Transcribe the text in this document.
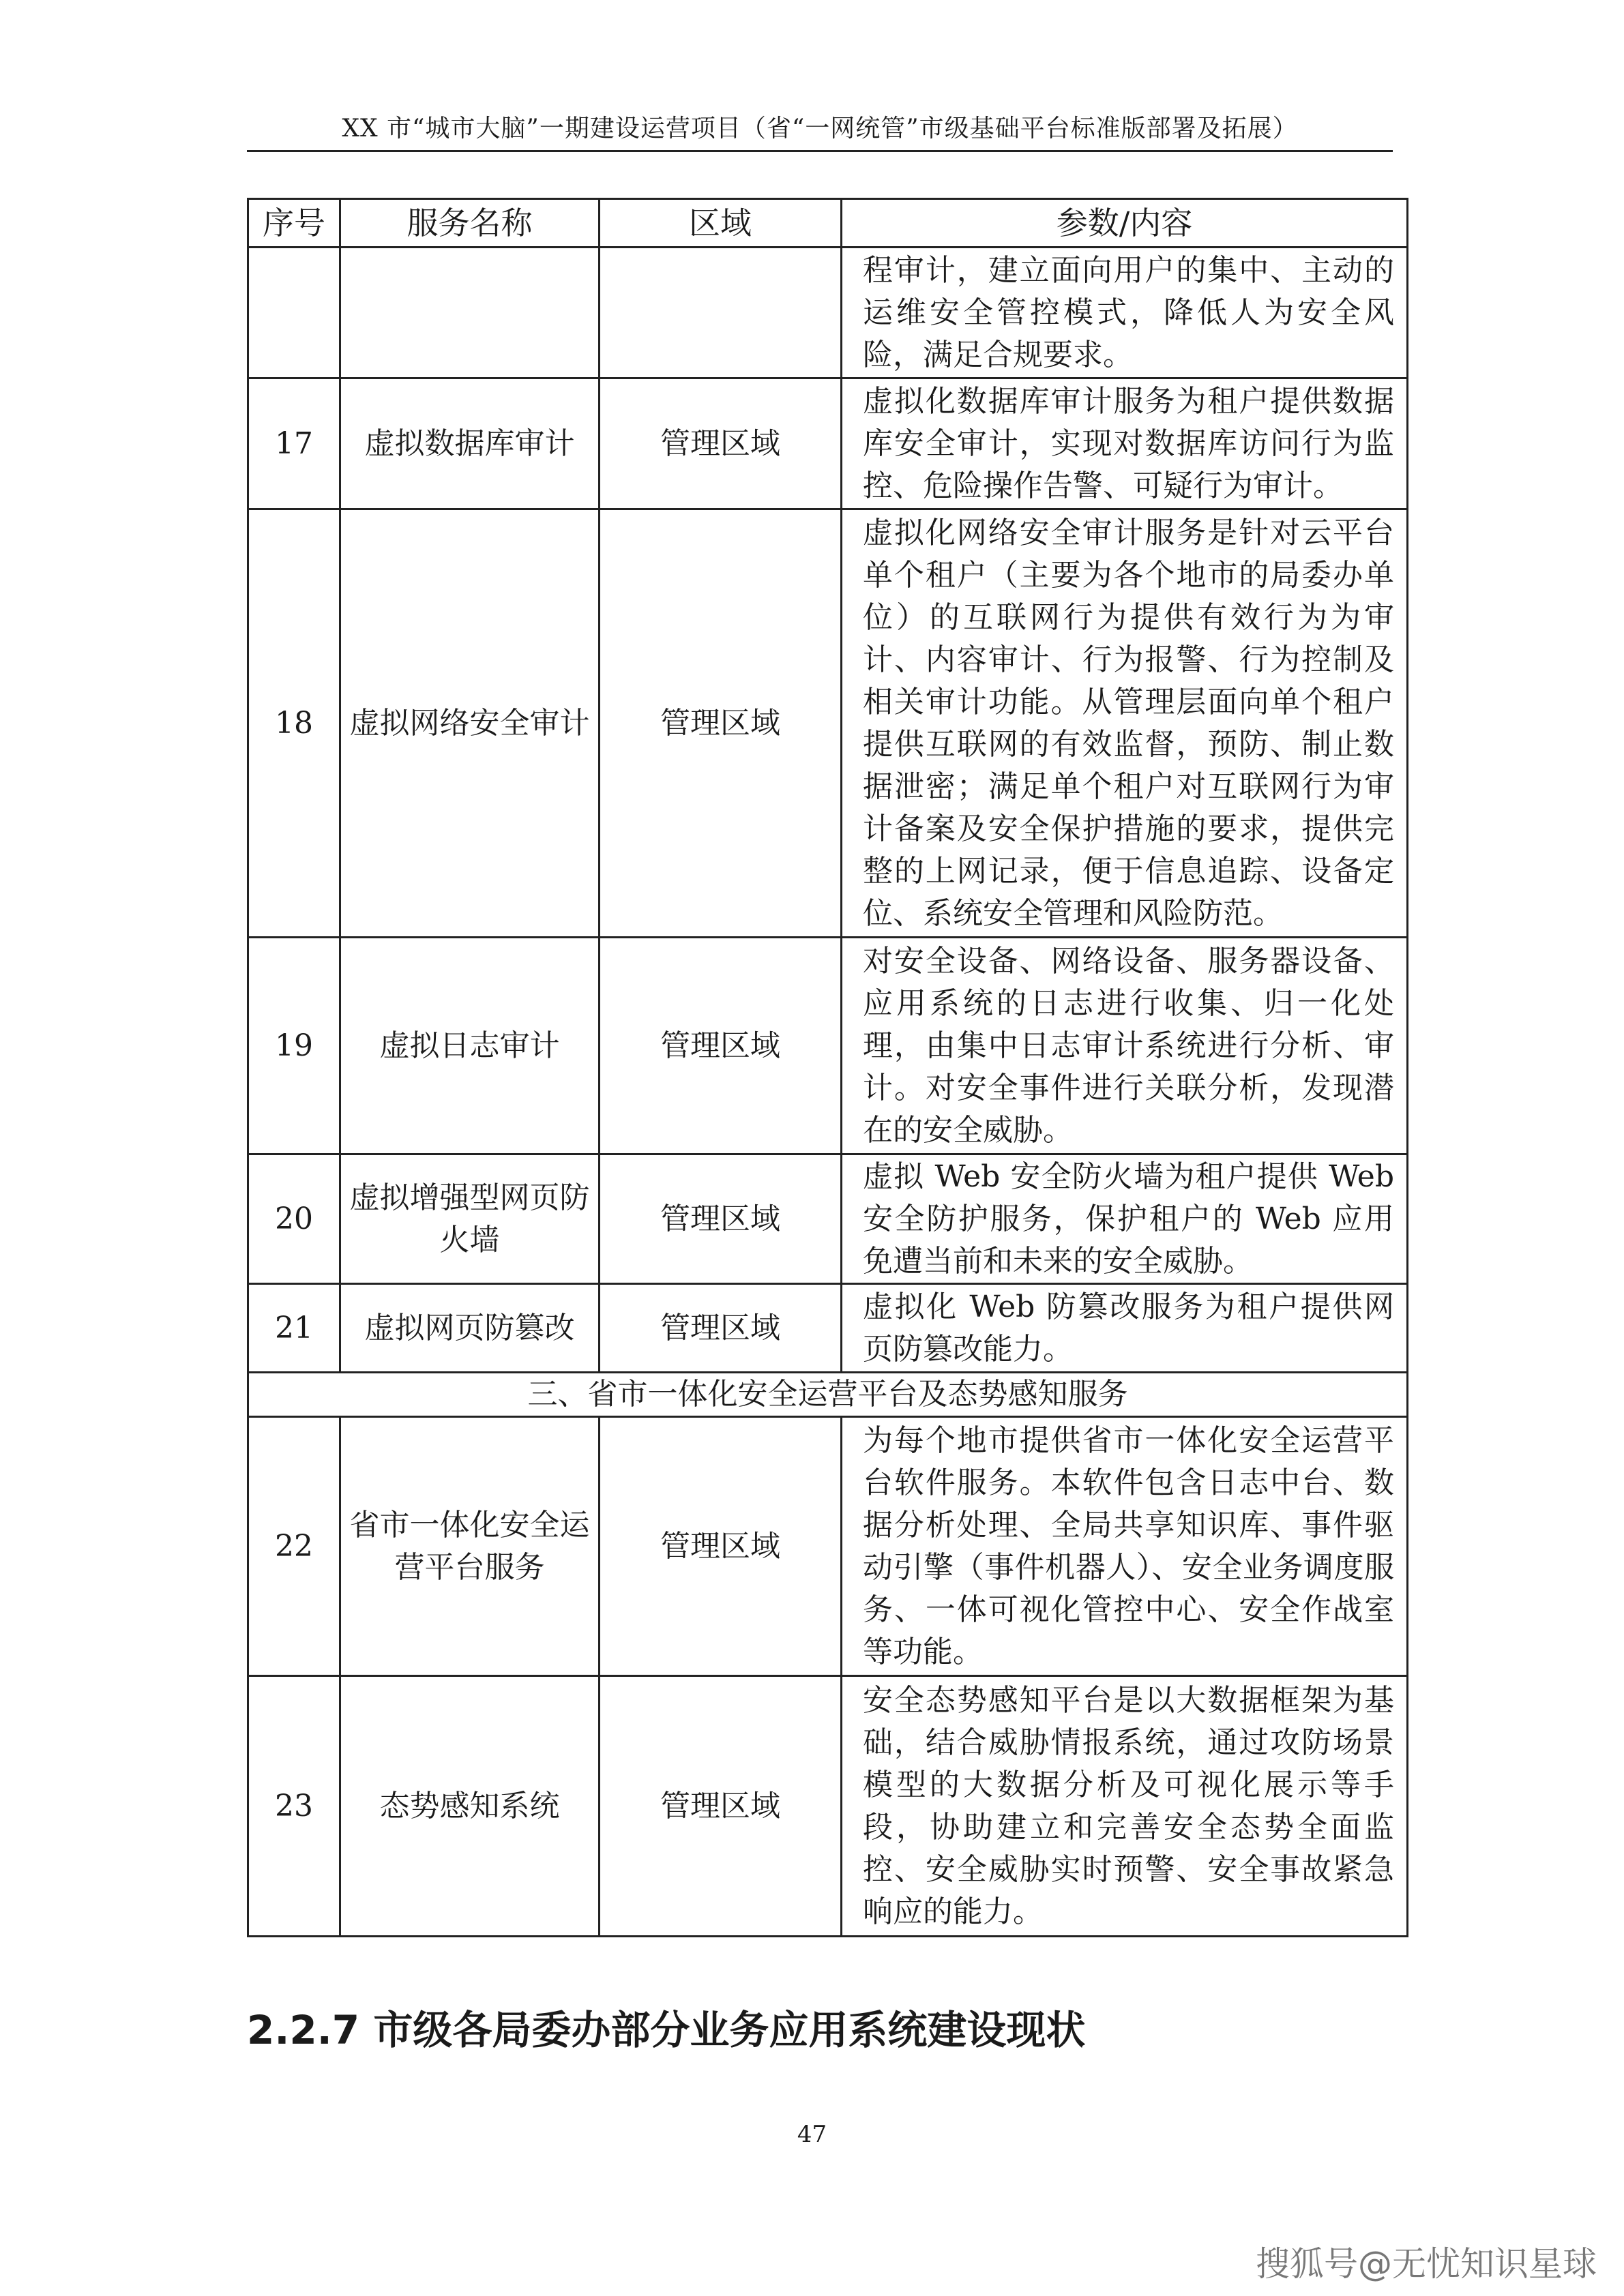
XX 市“城市大脑”一期建设运营项目（省“一网统管”市级基础平台标准版部署及拓展）
序号	服务名称	区域	参数/内容
			程审计，建立面向用户的集中、主动的运维安全管控模式，降低人为安全风险，满足合规要求。
17	虚拟数据库审计	管理区域	虚拟化数据库审计服务为租户提供数据库安全审计，实现对数据库访问行为监控、危险操作告警、可疑行为审计。
18	虚拟网络安全审计	管理区域	虚拟化网络安全审计服务是针对云平台单个租户（主要为各个地市的局委办单位）的互联网行为提供有效行为为审计、内容审计、行为报警、行为控制及相关审计功能。从管理层面向单个租户提供互联网的有效监督，预防、制止数据泄密；满足单个租户对互联网行为审计备案及安全保护措施的要求，提供完整的上网记录，便于信息追踪、设备定位、系统安全管理和风险防范。
19	虚拟日志审计	管理区域	对安全设备、网络设备、服务器设备、应用系统的日志进行收集、归一化处理，由集中日志审计系统进行分析、审计。对安全事件进行关联分析，发现潜在的安全威胁。
20	虚拟增强型网页防火墙	管理区域	虚拟 Web 安全防火墙为租户提供 Web 安全防护服务，保护租户的 Web 应用免遭当前和未来的安全威胁。
21	虚拟网页防篡改	管理区域	虚拟化 Web 防篡改服务为租户提供网页防篡改能力。
三、省市一体化安全运营平台及态势感知服务			
22	省市一体化安全运营平台服务	管理区域	为每个地市提供省市一体化安全运营平台软件服务。本软件包含日志中台、数据分析处理、全局共享知识库、事件驱动引擎（事件机器人）、安全业务调度服务、一体可视化管控中心、安全作战室等功能。
23	态势感知系统	管理区域	安全态势感知平台是以大数据框架为基础，结合威胁情报系统，通过攻防场景模型的大数据分析及可视化展示等手段，协助建立和完善安全态势全面监控、安全威胁实时预警、安全事故紧急响应的能力。
2.2.7 市级各局委办部分业务应用系统建设现状
47
搜狐号@无忧知识星球
